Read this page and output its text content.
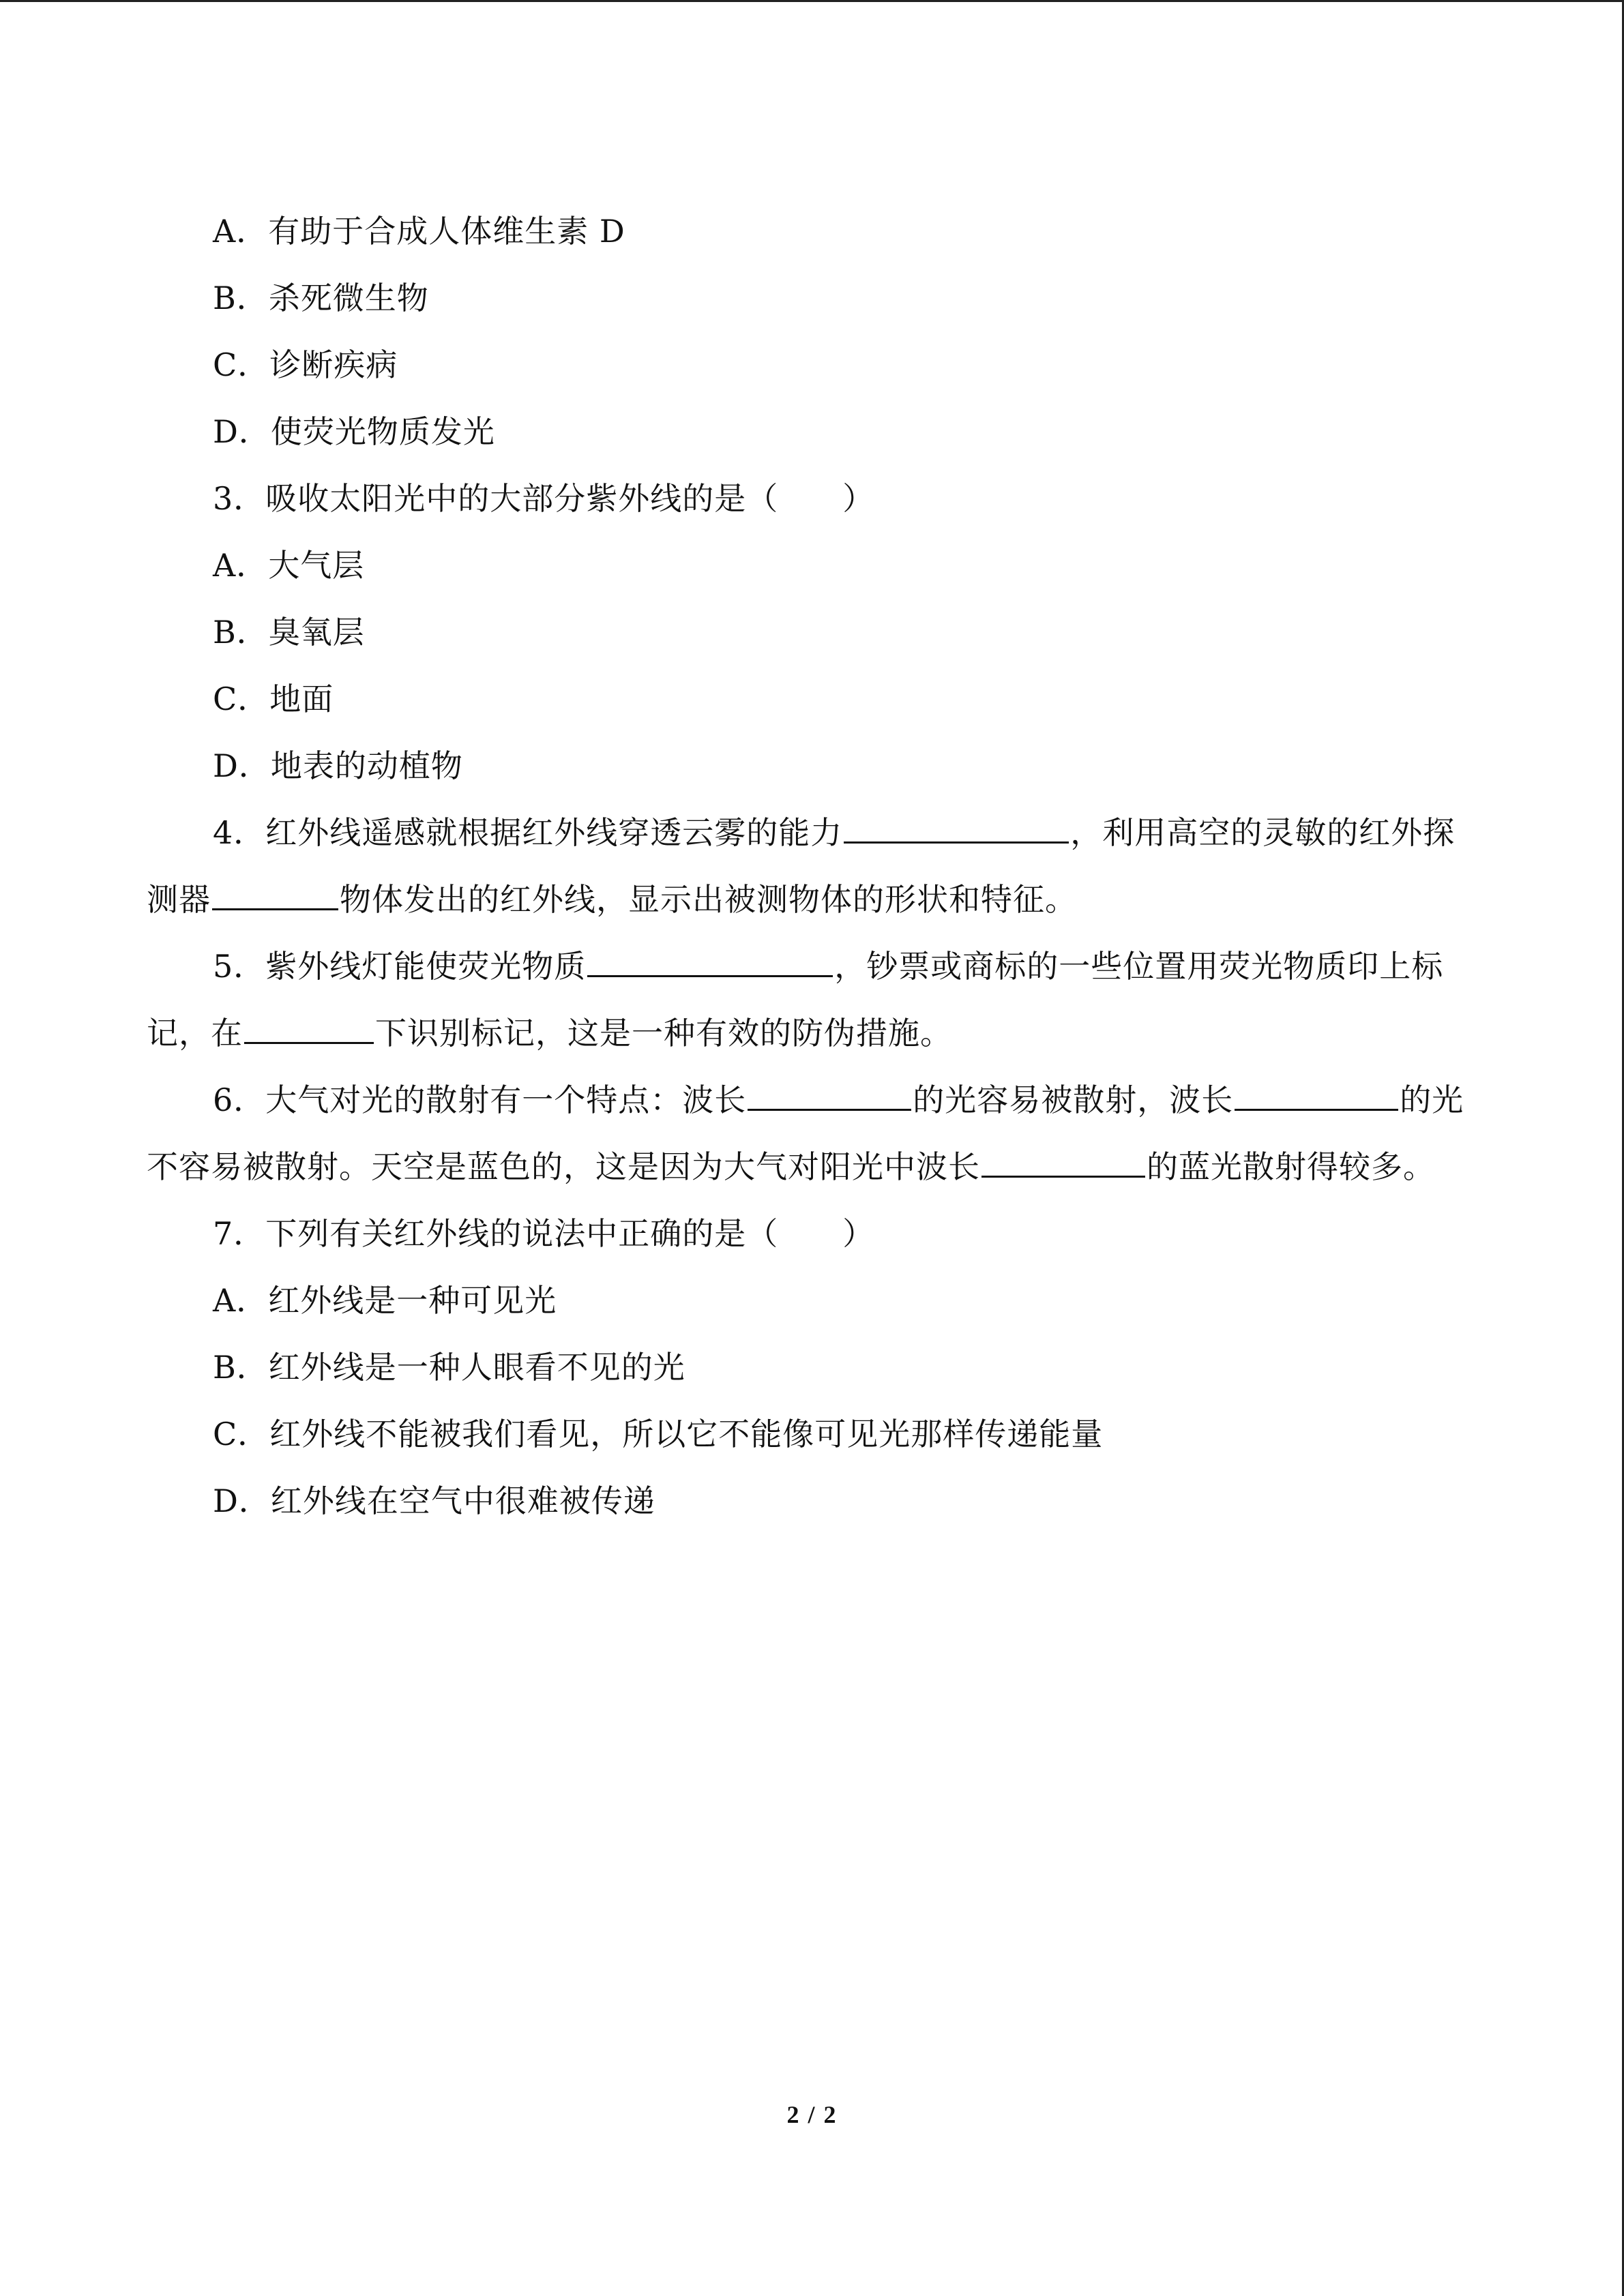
A．有助于合成人体维生素 D
B．杀死微生物
C．诊断疾病
D．使荧光物质发光
3．吸收太阳光中的大部分紫外线的是（　　）
A．大气层
B．臭氧层
C．地面
D．地表的动植物
4．红外线遥感就根据红外线穿透云雾的能力	，利用高空的灵敏的红外探
测器	物体发出的红外线，显示出被测物体的形状和特征。
5．紫外线灯能使荧光物质	，钞票或商标的一些位置用荧光物质印上标
记，在	下识别标记，这是一种有效的防伪措施。
6．大气对光的散射有一个特点：波长	的光容易被散射，波长	的光
不容易被散射。天空是蓝色的，这是因为大气对阳光中波长	的蓝光散射得较多。
7．下列有关红外线的说法中正确的是（　　）
A．红外线是一种可见光
B．红外线是一种人眼看不见的光
C．红外线不能被我们看见，所以它不能像可见光那样传递能量
D．红外线在空气中很难被传递
2 / 2
